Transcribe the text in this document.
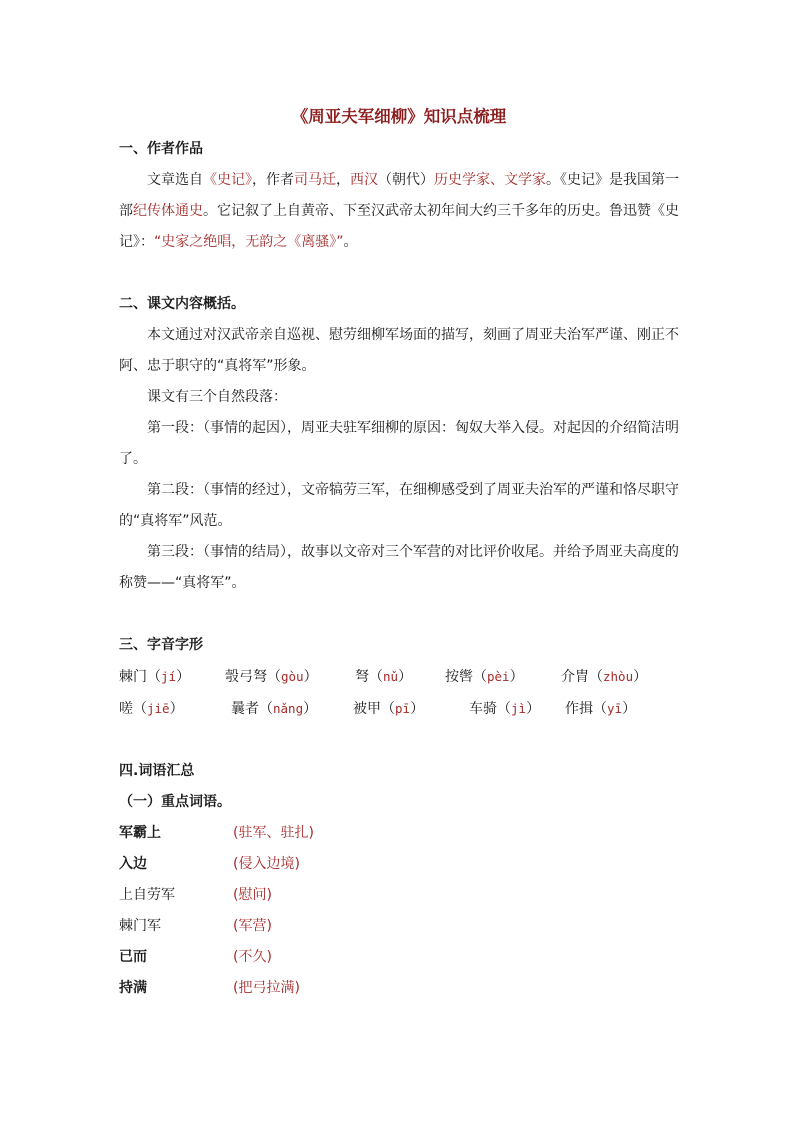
《周亚夫军细柳》知识点梳理
一、作者作品

文章选自《史记》，作者司马迁，西汉（朝代）历史学家、文学家。《史记》是我国第一部纪传体通史。它记叙了上自黄帝、下至汉武帝太初年间大约三千多年的历史。鲁迅赞《史记》：“史家之绝唱，无韵之《离骚》”。

二、课文内容概括。

本文通过对汉武帝亲自巡视、慰劳细柳军场面的描写，刻画了周亚夫治军严谨、刚正不阿、忠于职守的“真将军”形象。

课文有三个自然段落：

第一段：（事情的起因），周亚夫驻军细柳的原因：匈奴大举入侵。对起因的介绍简洁明了。

第二段：（事情的经过），文帝犒劳三军，在细柳感受到了周亚夫治军的严谨和恪尽职守的“真将军”风范。

第三段：（事情的结局），故事以文帝对三个军营的对比评价收尾。并给予周亚夫高度的称赞——“真将军”。

三、字音字形
棘门（jí） 彀弓弩（gòu）	弩（nǔ） 按辔（pèi）	介胄（zhòu）
嗟（jiē）	曩者（nǎng）	被甲（pī）	车骑（jì） 作揖（yī）
四.词语汇总
（一）重点词语。
军霸上	(驻军、驻扎)
入边	(侵入边境)
上自劳军	(慰问)
棘门军	(军营)
已而	(不久)
持满	(把弓拉满)
